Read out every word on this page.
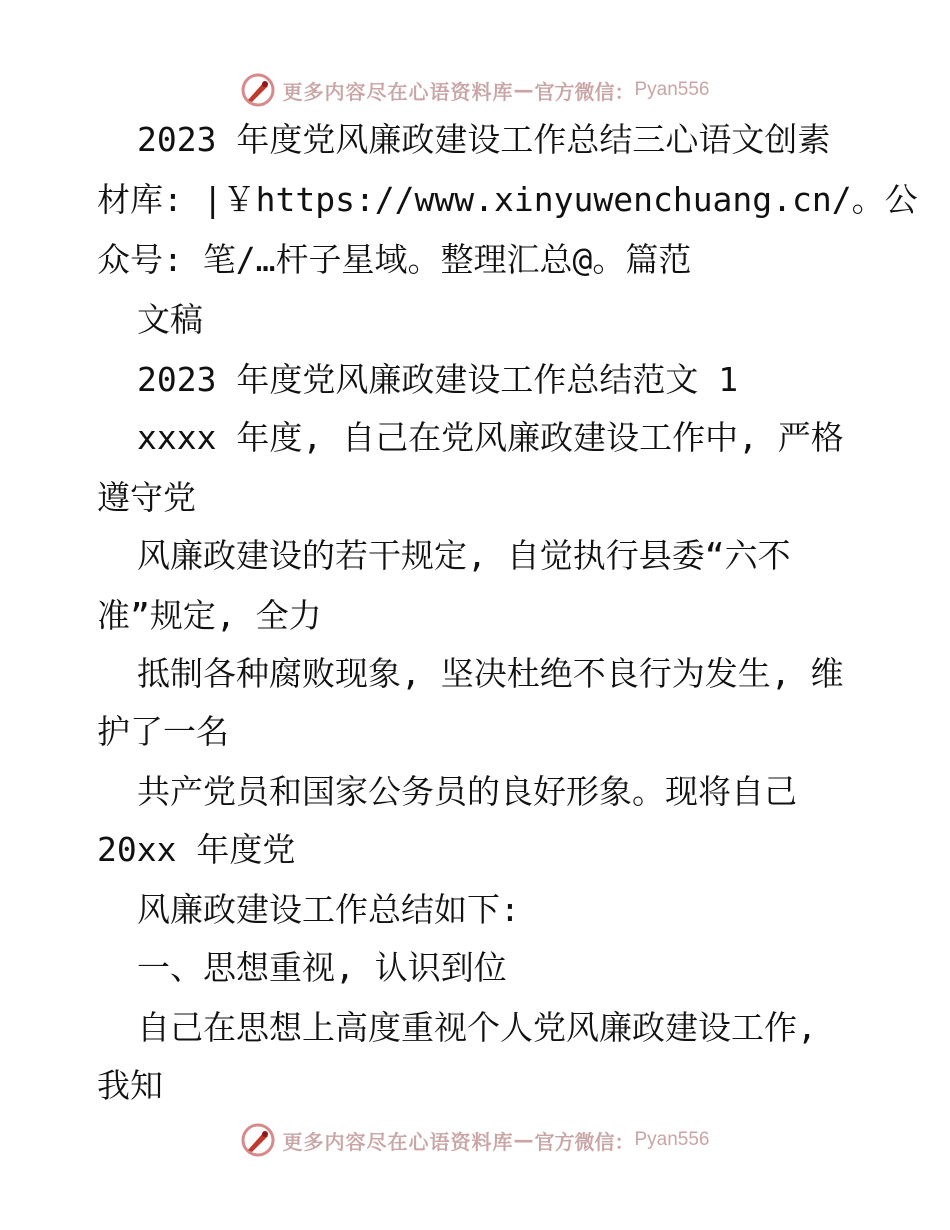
更多内容尽在心语资料库 — 官方微信： Pyan556
2023 年度党风廉政建设工作总结三心语文创素
材库: |￥https://www.xinyuwenchuang.cn/。公
众号: 笔/…杆子星域。整理汇总@。篇范
文稿
2023 年度党风廉政建设工作总结范文 1
xxxx 年度, 自己在党风廉政建设工作中, 严格
遵守党
风廉政建设的若干规定, 自觉执行县委“六不
准”规定, 全力
抵制各种腐败现象, 坚决杜绝不良行为发生, 维
护了一名
共产党员和国家公务员的良好形象。现将自己
20xx 年度党
风廉政建设工作总结如下:
一、思想重视, 认识到位
自己在思想上高度重视个人党风廉政建设工作,
我知
更多内容尽在心语资料库 — 官方微信： Pyan556
